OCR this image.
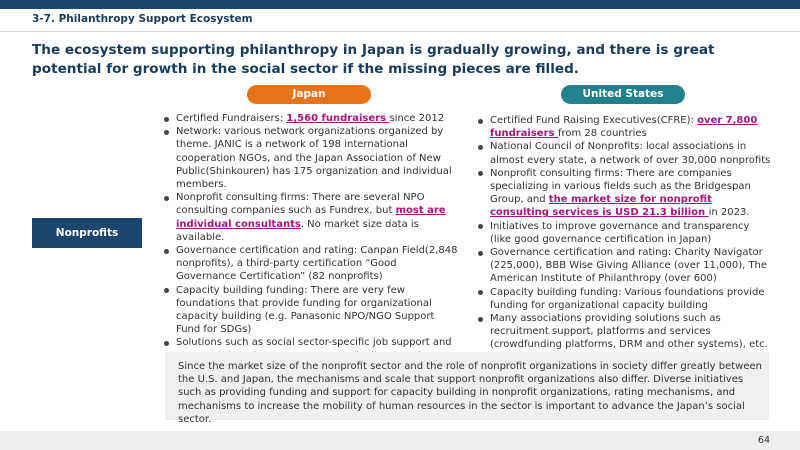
3-7. Philanthropy Support Ecosystem
The ecosystem supporting philanthropy in Japan is gradually growing, and there is great potential for growth in the social sector if the missing pieces are filled.
Japan	United States
Nonprofits
Certified Fundraisers: 1,560 fundraisers since 2012
Network: various network organizations organized by theme. JANIC is a network of 198 international cooperation NGOs, and the Japan Association of New Public(Shinkouren) has 175 organization and individual members.
Nonprofit consulting firms: There are several NPO consulting companies such as Fundrex, but most are individual consultants. No market size data is available.
Governance certification and rating: Canpan Field(2,848 nonprofits), a third-party certification “Good Governance Certification” (82 nonprofits)
Capacity building funding: There are very few foundations that provide funding for organizational capacity building (e.g. Panasonic NPO/NGO Support Fund for SDGs)
Solutions such as social sector-specific job support and
Certified Fund Raising Executives(CFRE): over 7,800 fundraisers from 28 countries
National Council of Nonprofits: local associations in almost every state, a network of over 30,000 nonprofits
Nonprofit consulting firms: There are companies specializing in various fields such as the Bridgespan Group, and the market size for nonprofit consulting services is USD 21.3 billion in 2023.
Initiatives to improve governance and transparency (like good governance certification in Japan)
Governance certification and rating: Charity Navigator (225,000), BBB Wise Giving Alliance (over 11,000), The American Institute of Philanthropy (over 600)
Capacity building funding: Various foundations provide funding for organizational capacity building
Many associations providing solutions such as recruitment support, platforms and services (crowdfunding platforms, DRM and other systems), etc.
Since the market size of the nonprofit sector and the role of nonprofit organizations in society differ greatly between the U.S. and Japan, the mechanisms and scale that support nonprofit organizations also differ. Diverse initiatives such as providing funding and support for capacity building in nonprofit organizations, rating mechanisms, and mechanisms to increase the mobility of human resources in the sector is important to advance the Japan’s social sector.
64
